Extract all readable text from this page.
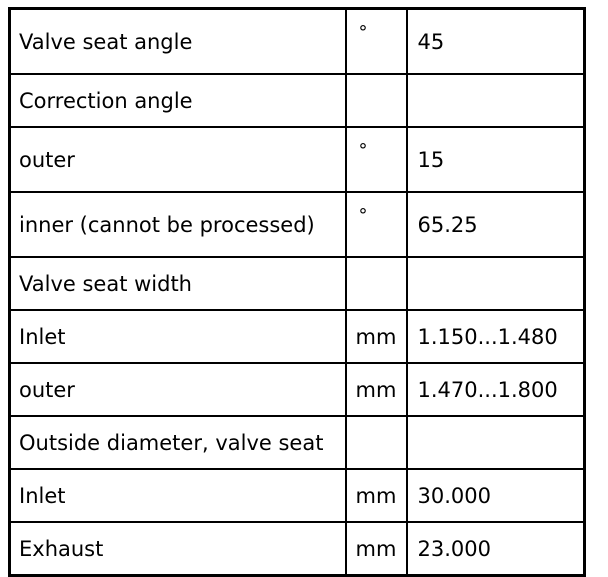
Valve seat angle	°	45
Correction angle		
outer	°	15
inner (cannot be processed)	°	65.25
Valve seat width		
Inlet	mm	1.150...1.480
outer	mm	1.470...1.800
Outside diameter, valve seat		
Inlet	mm	30.000
Exhaust	mm	23.000
